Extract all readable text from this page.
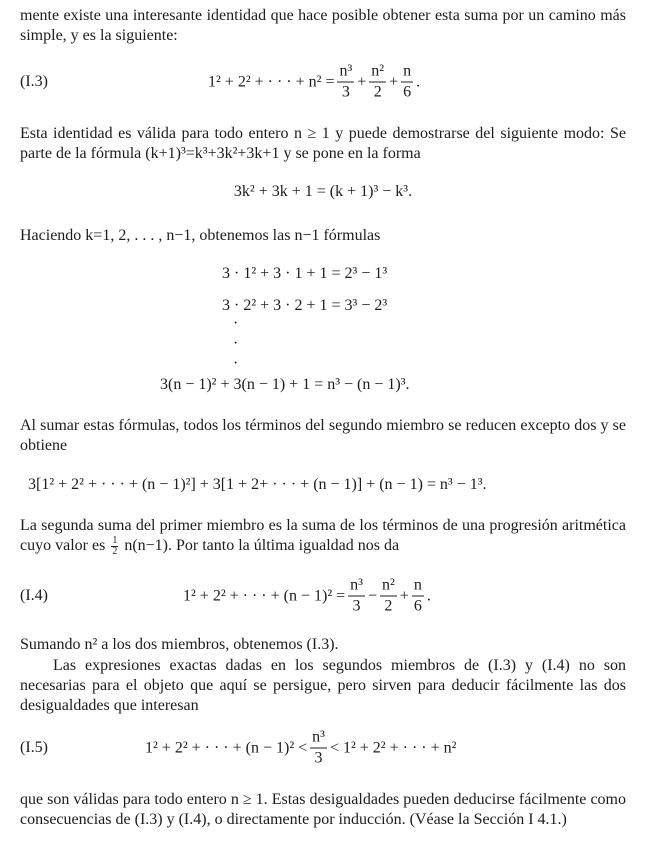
mente existe una interesante identidad que hace posible obtener esta suma por un camino más simple, y es la siguiente:

(I.3)	1² + 2² + · · · + $n^2 = \frac{\text{n³}}{3} + \frac{\text{n²}}{2} + \frac{n}{6}$ .

Esta identidad es válida para todo entero n ≥ 1 y puede demostrarse del siguiente modo: Se parte de la fórmula (k+1)³=k³+3k²+3k+1 y se pone en la forma

3k² + 3k + 1 = (k + 1)³ − k³.

Haciendo k=1, 2, . . . , n−1, obtenemos las n−1 fórmulas

3 · 1² + 3 · 1 + 1 = 2³ − 1³
3 · 2² + 3 · 2 + 1 = 3³ − 2³
·
·
·
3(n − 1)² + 3(n − 1) + 1 = n³ − (n − 1)³.

Al sumar estas fórmulas, todos los términos del segundo miembro se reducen excepto dos y se obtiene

3[1² + 2² + · · · + (n − 1)²] + 3[1 + 2+ · · · + (n − 1)] + (n − 1) = n³ − 1³.

La segunda suma del primer miembro es la suma de los términos de una progresión aritmética cuyo valor es $\frac{1}{2} n(n-1)$. Por tanto la última igualdad nos da

(I.4)	1² + 2² + · · · + $(n - 1)^2 = \frac{\text{n³}}{3} - \frac{\text{n²}}{2} + \frac{n}{6}$ .

Sumando n² a los dos miembros, obtenemos (I.3).

Las expresiones exactas dadas en los segundos miembros de (I.3) y (I.4) no son necesarias para el objeto que aquí se persigue, pero sirven para deducir fácilmente las dos desigualdades que interesan

(I.5)	1² + 2² + · · · + $(n - 1)^2 < \frac{\text{n³}}{3} < 1^2 + 2^2$ + · · · + n²

que son válidas para todo entero n ≥ 1. Estas desigualdades pueden deducirse fácilmente como consecuencias de (I.3) y (I.4), o directamente por inducción. (Véase la Sección I 4.1.)
